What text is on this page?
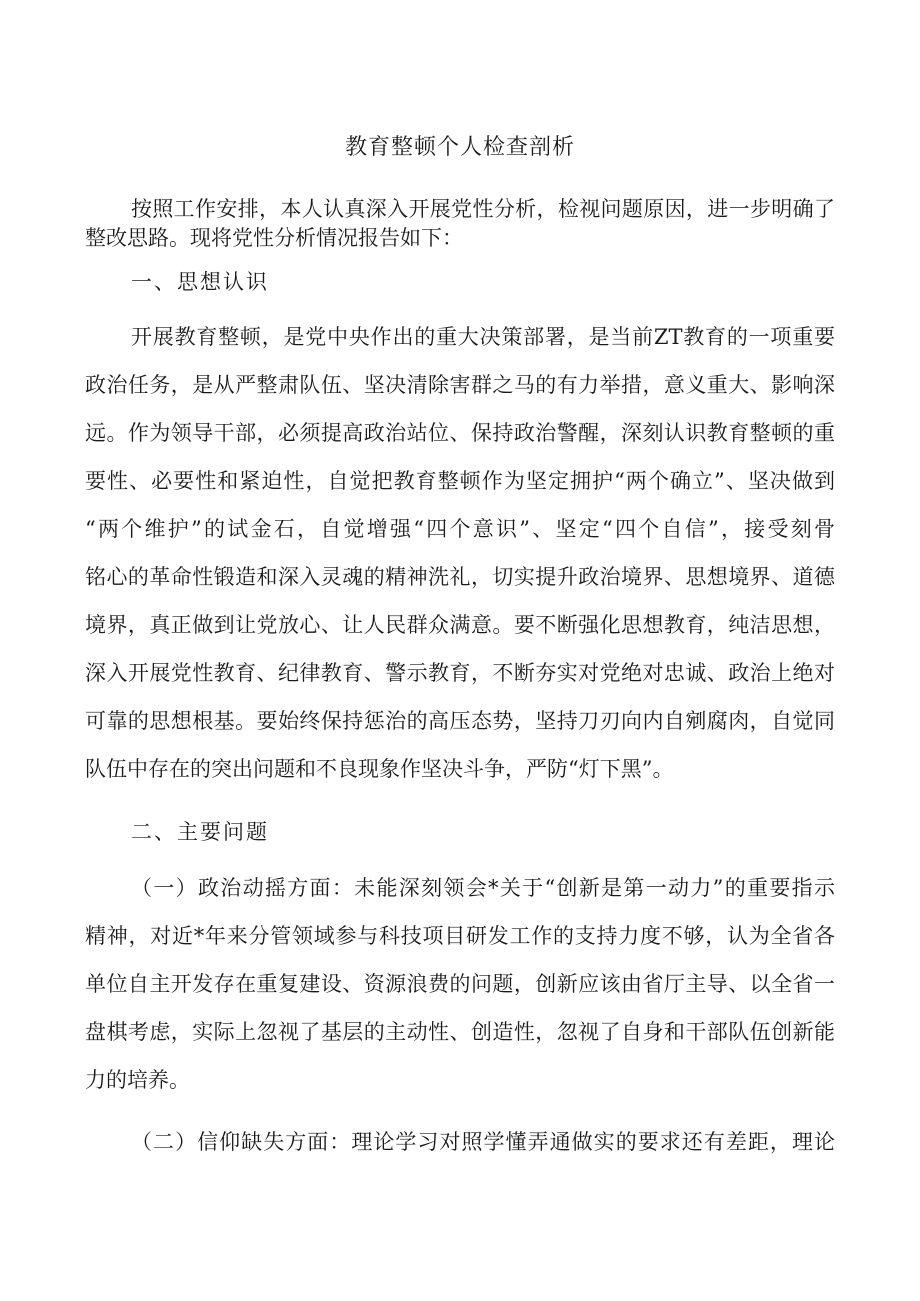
教育整顿个人检查剖析
按照工作安排，本人认真深入开展党性分析，检视问题原因，进一步明确了
整改思路。现将党性分析情况报告如下：
一、思想认识
开展教育整顿，是党中央作出的重大决策部署，是当前ZT教育的一项重要
政治任务，是从严整肃队伍、坚决清除害群之马的有力举措，意义重大、影响深
远。作为领导干部，必须提高政治站位、保持政治警醒，深刻认识教育整顿的重
要性、必要性和紧迫性，自觉把教育整顿作为坚定拥护“两个确立”、坚决做到
“两个维护”的试金石，自觉增强“四个意识”、坚定“四个自信”，接受刻骨
铭心的革命性锻造和深入灵魂的精神洗礼，切实提升政治境界、思想境界、道德
境界，真正做到让党放心、让人民群众满意。要不断强化思想教育，纯洁思想，
深入开展党性教育、纪律教育、警示教育，不断夯实对党绝对忠诚、政治上绝对
可靠的思想根基。要始终保持惩治的高压态势，坚持刀刃向内自剜腐肉，自觉同
队伍中存在的突出问题和不良现象作坚决斗争，严防“灯下黑”。
二、主要问题
（一）政治动摇方面：未能深刻领会*关于“创新是第一动力”的重要指示
精神，对近*年来分管领域参与科技项目研发工作的支持力度不够，认为全省各
单位自主开发存在重复建设、资源浪费的问题，创新应该由省厅主导、以全省一
盘棋考虑，实际上忽视了基层的主动性、创造性，忽视了自身和干部队伍创新能
力的培养。
（二）信仰缺失方面：理论学习对照学懂弄通做实的要求还有差距，理论
